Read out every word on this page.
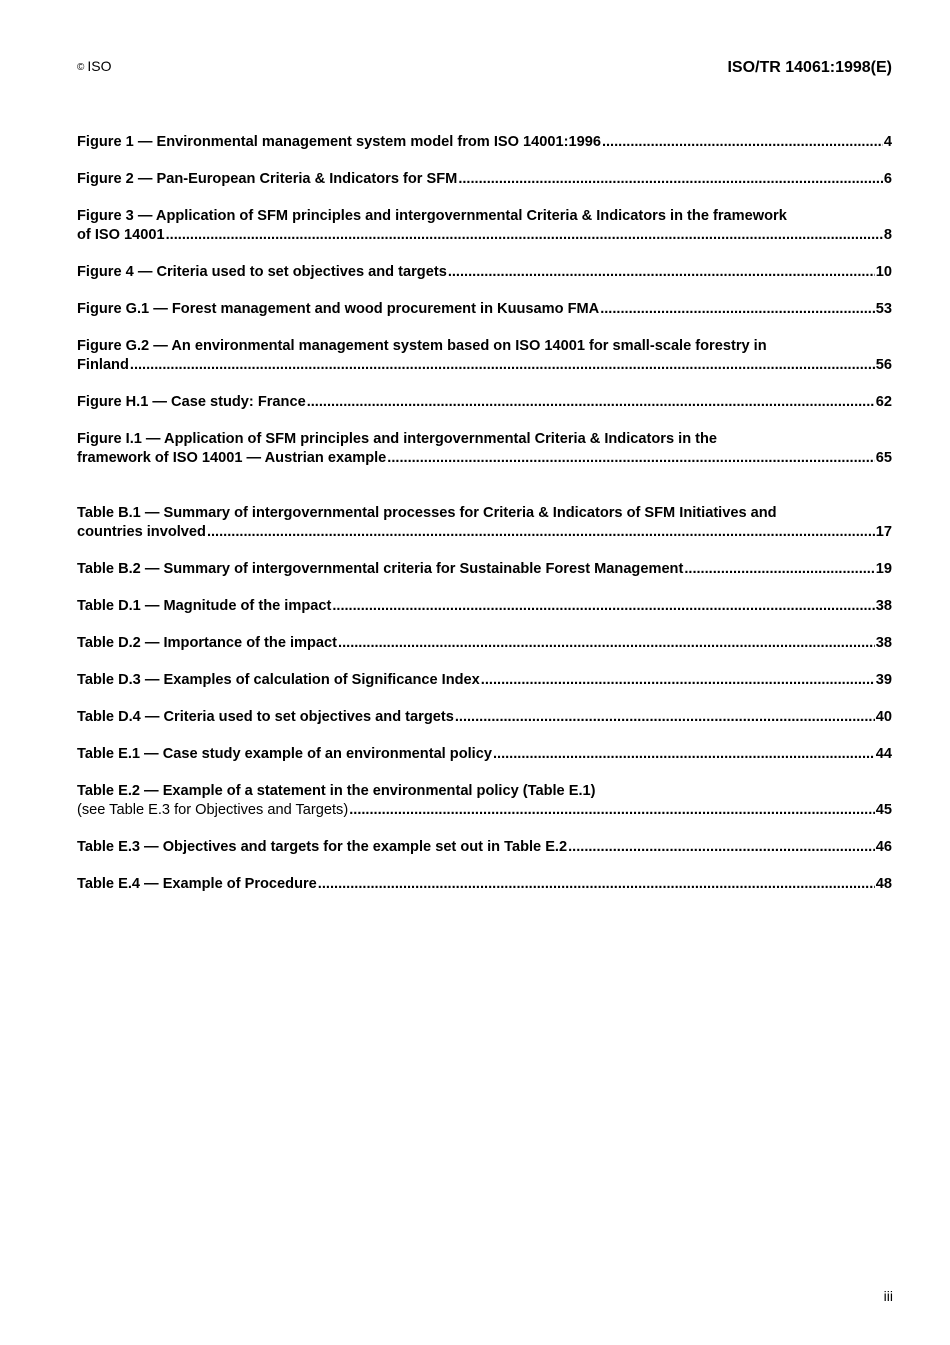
© ISO	ISO/TR 14061:1998(E)
Figure 1 — Environmental management system model from ISO 14001:1996 .....	4
Figure 2 — Pan-European Criteria & Indicators for SFM .....	6
Figure 3 — Application of SFM principles and intergovernmental Criteria & Indicators in the framework
of ISO 14001 .....	8
Figure 4 — Criteria used to set objectives and targets .....	10
Figure G.1 — Forest management and wood procurement in Kuusamo FMA .....	53
Figure G.2 — An environmental management system based on ISO 14001 for small-scale forestry in
Finland .....	56
Figure H.1 — Case study: France .....	62
Figure I.1 — Application of SFM principles and intergovernmental Criteria & Indicators in the
framework of ISO 14001 — Austrian example .....	65
Table B.1 — Summary of intergovernmental processes for Criteria & Indicators of SFM Initiatives and
countries involved .....	17
Table B.2 — Summary of intergovernmental criteria for Sustainable Forest Management .....	19
Table D.1 — Magnitude of the impact .....	38
Table D.2 — Importance of the impact .....	38
Table D.3 — Examples of calculation of Significance Index .....	39
Table D.4 — Criteria used to set objectives and targets .....	40
Table E.1 — Case study example of an environmental policy .....	44
Table E.2 — Example of a statement in the environmental policy (Table E.1)
(see Table E.3 for Objectives and Targets) .....	45
Table E.3 — Objectives and targets for the example set out in Table E.2 .....	46
Table E.4 — Example of Procedure .....	48
iii
